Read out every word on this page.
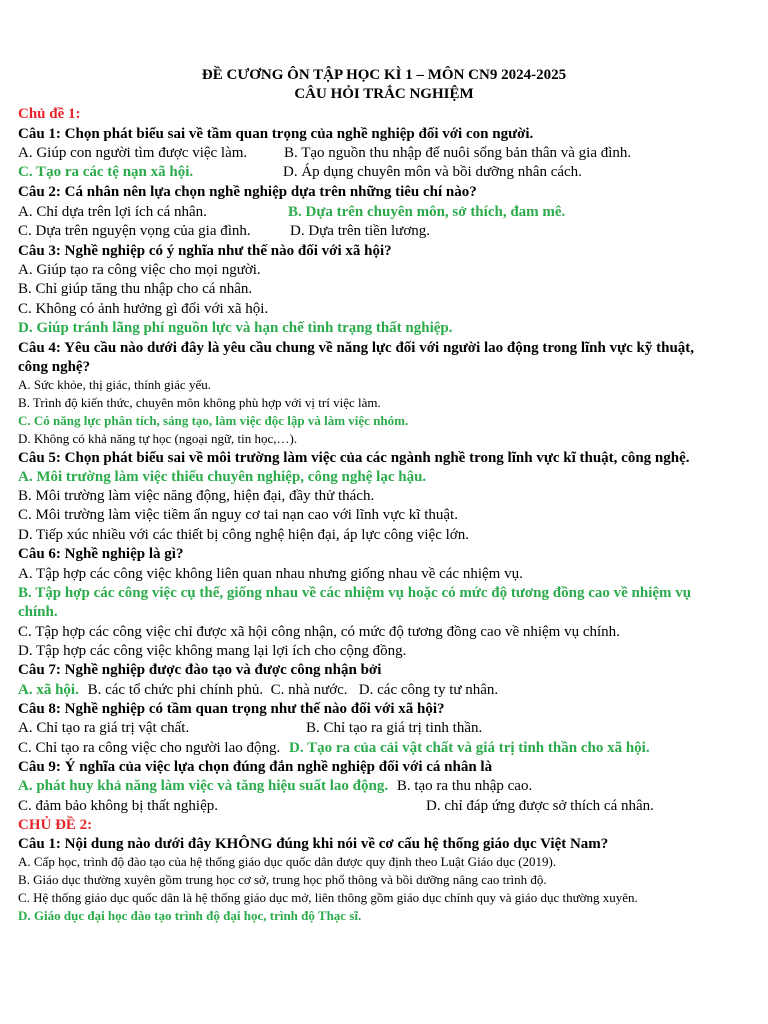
ĐỀ CƯƠNG ÔN TẬP HỌC KÌ 1 – MÔN CN9 2024-2025
CÂU HỎI TRẮC NGHIỆM
Chủ đề 1:
Câu 1: Chọn phát biểu sai về tầm quan trọng của nghề nghiệp đối với con người.
A. Giúp con người tìm được việc làm. B. Tạo nguồn thu nhập để nuôi sống bản thân và gia đình.
C. Tạo ra các tệ nạn xã hội.	D. Áp dụng chuyên môn và bồi dưỡng nhân cách.
Câu 2: Cá nhân nên lựa chọn nghề nghiệp dựa trên những tiêu chí nào?
A. Chỉ dựa trên lợi ích cá nhân.	B. Dựa trên chuyên môn, sở thích, đam mê.
C. Dựa trên nguyện vọng của gia đình.	D. Dựa trên tiền lương.
Câu 3: Nghề nghiệp có ý nghĩa như thế nào đối với xã hội?
A. Giúp tạo ra công việc cho mọi người.
B. Chỉ giúp tăng thu nhập cho cá nhân.
C. Không có ảnh hưởng gì đối với xã hội.
D. Giúp tránh lãng phí nguồn lực và hạn chế tình trạng thất nghiệp.
Câu 4: Yêu cầu nào dưới đây là yêu cầu chung về năng lực đối với người lao động trong lĩnh vực kỹ thuật,
công nghệ?
A. Sức khỏe, thị giác, thính giác yếu.
B. Trình độ kiến thức, chuyên môn không phù hợp với vị trí việc làm.
C. Có năng lực phân tích, sáng tạo, làm việc độc lập và làm việc nhóm.
D. Không có khả năng tự học (ngoại ngữ, tin học,…).
Câu 5: Chọn phát biểu sai về môi trường làm việc của các ngành nghề trong lĩnh vực kĩ thuật, công nghệ.
A. Môi trường làm việc thiếu chuyên nghiệp, công nghệ lạc hậu.
B. Môi trường làm việc năng động, hiện đại, đầy thử thách.
C. Môi trường làm việc tiềm ẩn nguy cơ tai nạn cao với lĩnh vực kĩ thuật.
D. Tiếp xúc nhiều với các thiết bị công nghệ hiện đại, áp lực công việc lớn.
Câu 6: Nghề nghiệp là gì?
A. Tập hợp các công việc không liên quan nhau nhưng giống nhau về các nhiệm vụ.
B. Tập hợp các công việc cụ thể, giống nhau về các nhiệm vụ hoặc có mức độ tương đồng cao về nhiệm vụ
chính.
C. Tập hợp các công việc chỉ được xã hội công nhận, có mức độ tương đồng cao về nhiệm vụ chính.
D. Tập hợp các công việc không mang lại lợi ích cho cộng đồng.
Câu 7: Nghề nghiệp được đào tạo và được công nhận bởi
A. xã hội. B. các tổ chức phi chính phủ.  C. nhà nước.   D. các công ty tư nhân.
Câu 8: Nghề nghiệp có tầm quan trọng như thế nào đối với xã hội?
A. Chỉ tạo ra giá trị vật chất.	B. Chỉ tạo ra giá trị tinh thần.
C. Chỉ tạo ra công việc cho người lao động. D. Tạo ra của cải vật chất và giá trị tinh thần cho xã hội.
Câu 9: Ý nghĩa của việc lựa chọn đúng đắn nghề nghiệp đối với cá nhân là
A. phát huy khả năng làm việc và tăng hiệu suất lao động. B. tạo ra thu nhập cao.
C. đảm bảo không bị thất nghiệp.	D. chỉ đáp ứng được sở thích cá nhân.
CHỦ ĐỀ 2:
Câu 1: Nội dung nào dưới đây KHÔNG đúng khi nói về cơ cấu hệ thống giáo dục Việt Nam?
A. Cấp học, trình độ đào tạo của hệ thống giáo dục quốc dân được quy định theo Luật Giáo dục (2019).
B. Giáo dục thường xuyên gồm trung học cơ sở, trung học phổ thông và bồi dưỡng nâng cao trình độ.
C. Hệ thống giáo dục quốc dân là hệ thống giáo dục mở, liên thông gồm giáo dục chính quy và giáo dục thường xuyên.
D. Giáo dục đại học đào tạo trình độ đại học, trình độ Thạc sĩ.
